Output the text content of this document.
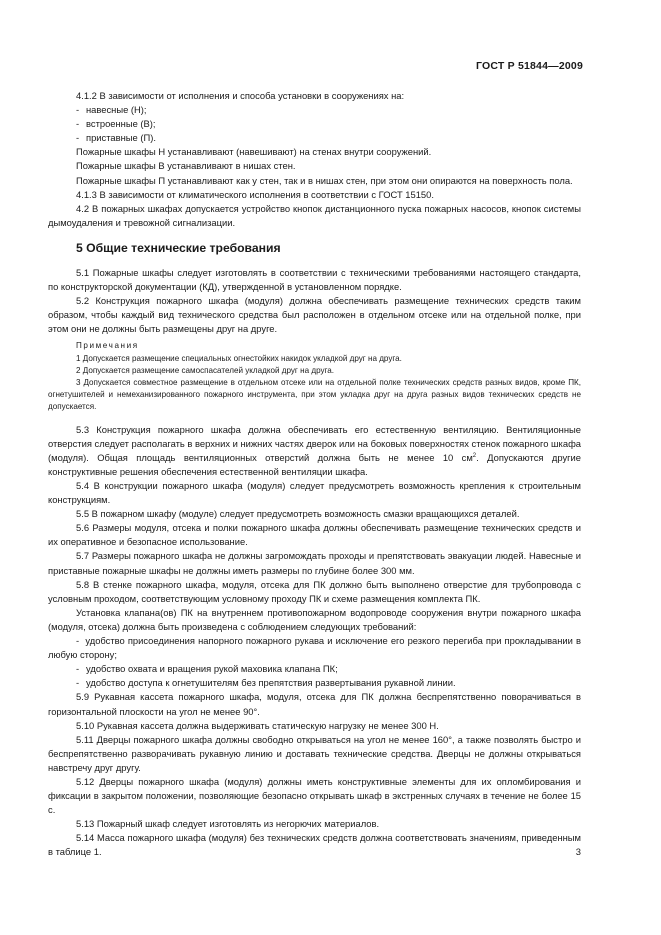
ГОСТ Р 51844—2009

4.1.2 В зависимости от исполнения и способа установки в сооружениях на:

- навесные (Н);

- встроенные (В);

- приставные (П).

Пожарные шкафы Н устанавливают (навешивают) на стенах внутри сооружений.

Пожарные шкафы В устанавливают в нишах стен.

Пожарные шкафы П устанавливают как у стен, так и в нишах стен, при этом они опираются на поверхность пола.

4.1.3 В зависимости от климатического исполнения в соответствии с ГОСТ 15150.

4.2 В пожарных шкафах допускается устройство кнопок дистанционного пуска пожарных насосов, кнопок системы дымоудаления и тревожной сигнализации.

5 Общие технические требования

5.1 Пожарные шкафы следует изготовлять в соответствии с техническими требованиями настоящего стандарта, по конструкторской документации (КД), утвержденной в установленном порядке.

5.2 Конструкция пожарного шкафа (модуля) должна обеспечивать размещение технических средств таким образом, чтобы каждый вид технического средства был расположен в отдельном отсеке или на отдельной полке, при этом они не должны быть размещены друг на друге.

Примечания

1 Допускается размещение специальных огнестойких накидок укладкой друг на друга.

2 Допускается размещение самоспасателей укладкой друг на друга.

3 Допускается совместное размещение в отдельном отсеке или на отдельной полке технических средств разных видов, кроме ПК, огнетушителей и немеханизированного пожарного инструмента, при этом укладка друг на друга разных видов технических средств не допускается.

5.3 Конструкция пожарного шкафа должна обеспечивать его естественную вентиляцию. Вентиляционные отверстия следует располагать в верхних и нижних частях дверок или на боковых поверхностях стенок пожарного шкафа (модуля). Общая площадь вентиляционных отверстий должна быть не менее 10 $см^2$. Допускаются другие конструктивные решения обеспечения естественной вентиляции шкафа.

5.4 В конструкции пожарного шкафа (модуля) следует предусмотреть возможность крепления к строительным конструкциям.

5.5 В пожарном шкафу (модуле) следует предусмотреть возможность смазки вращающихся деталей.

5.6 Размеры модуля, отсека и полки пожарного шкафа должны обеспечивать размещение технических средств и их оперативное и безопасное использование.

5.7 Размеры пожарного шкафа не должны загромождать проходы и препятствовать эвакуации людей. Навесные и приставные пожарные шкафы не должны иметь размеры по глубине более 300 мм.

5.8 В стенке пожарного шкафа, модуля, отсека для ПК должно быть выполнено отверстие для трубопровода с условным проходом, соответствующим условному проходу ПК и схеме размещения комплекта ПК.

Установка клапана(ов) ПК на внутреннем противопожарном водопроводе сооружения внутри пожарного шкафа (модуля, отсека) должна быть произведена с соблюдением следующих требований:

-  удобство присоединения напорного пожарного рукава и исключение его резкого перегиба при прокладывании в любую сторону;

- удобство охвата и вращения рукой маховика клапана ПК;

- удобство доступа к огнетушителям без препятствия развертывания рукавной линии.

5.9 Рукавная кассета пожарного шкафа, модуля, отсека для ПК должна беспрепятственно поворачиваться в горизонтальной плоскости на угол не менее 90°.

5.10 Рукавная кассета должна выдерживать статическую нагрузку не менее 300 Н.

5.11 Дверцы пожарного шкафа должны свободно открываться на угол не менее 160°, а также позволять быстро и беспрепятственно разворачивать рукавную линию и доставать технические средства. Дверцы не должны открываться навстречу друг другу.

5.12 Дверцы пожарного шкафа (модуля) должны иметь конструктивные элементы для их опломбирования и фиксации в закрытом положении, позволяющие безопасно открывать шкаф в экстренных случаях в течение не более 15 с.

5.13 Пожарный шкаф следует изготовлять из негорючих материалов.

5.14 Масса пожарного шкафа (модуля) без технических средств должна соответствовать значениям, приведенным в таблице 1.	3
